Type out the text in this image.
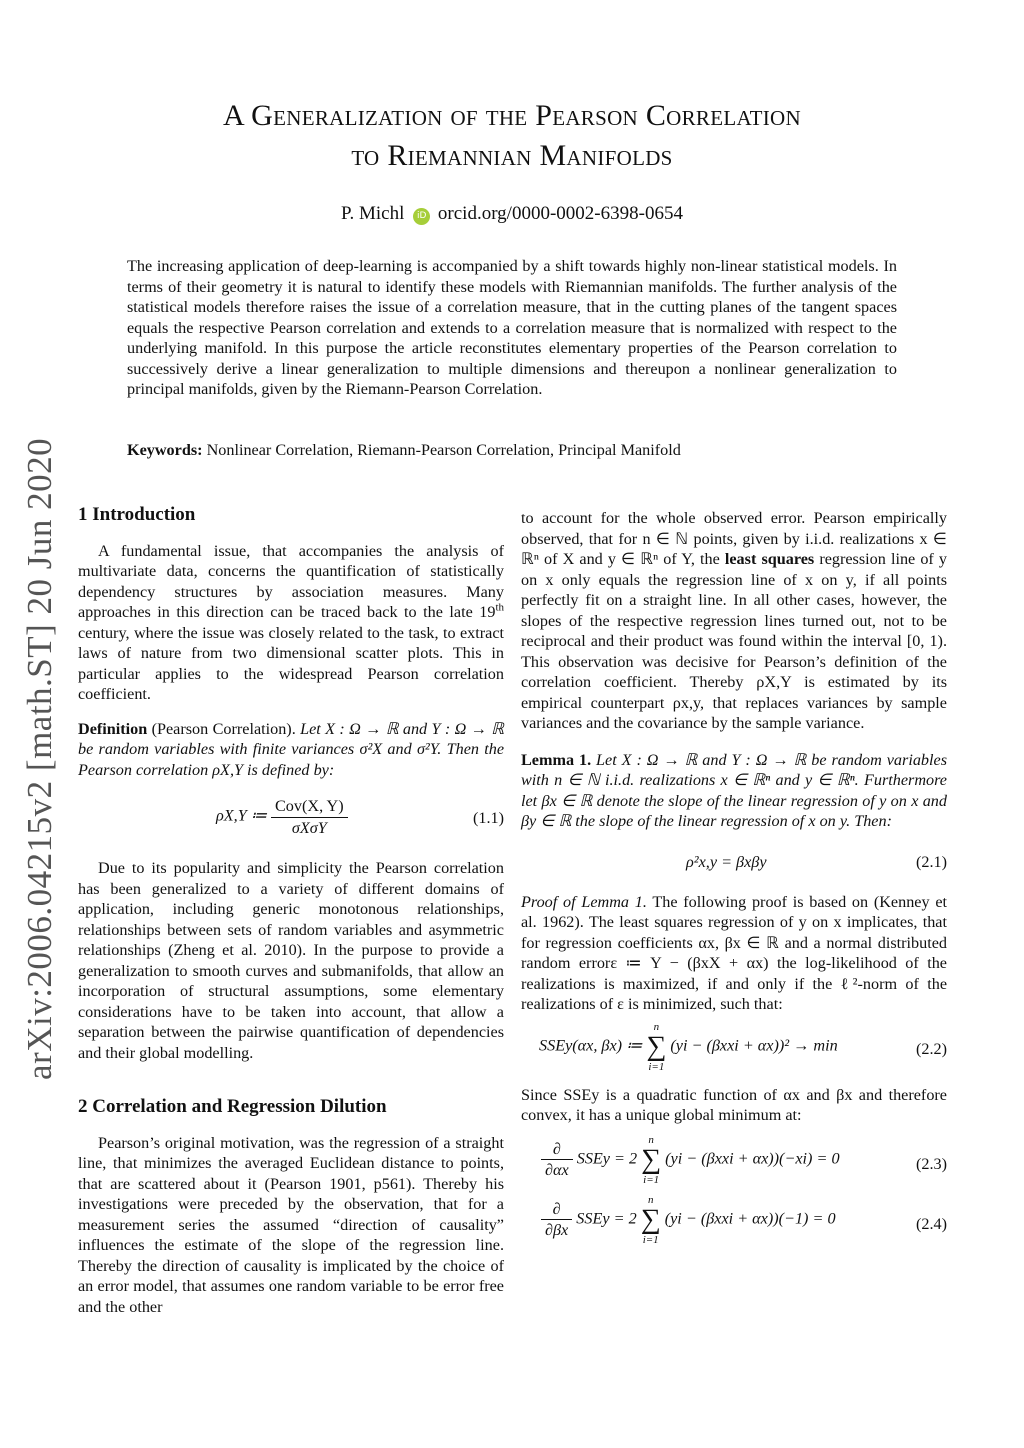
arXiv:2006.04215v2 [math.ST] 20 Jun 2020
A Generalization of the Pearson Correlation
to Riemannian Manifolds
P. Michl iD orcid.org/0000-0002-6398-0654

The increasing application of deep-learning is accompanied by a shift towards highly non-linear statistical models. In terms of their geometry it is natural to identify these models with Riemannian manifolds. The further analysis of the statistical models therefore raises the issue of a correlation measure, that in the cutting planes of the tangent spaces equals the respective Pearson correlation and extends to a correlation measure that is normalized with respect to the underlying manifold. In this purpose the article reconstitutes elementary properties of the Pearson correlation to successively derive a linear generalization to multiple dimensions and thereupon a nonlinear generalization to principal manifolds, given by the Riemann-Pearson Correlation.

Keywords: Nonlinear Correlation, Riemann-Pearson Correlation, Principal Manifold

1 Introduction

A fundamental issue, that accompanies the analysis of multivariate data, concerns the quantification of statistically dependency structures by association measures. Many approaches in this direction can be traced back to the late 19th century, where the issue was closely related to the task, to extract laws of nature from two dimensional scatter plots. This in particular applies to the widespread Pearson correlation coefficient.

Definition (Pearson Correlation). Let X : Ω → ℝ and Y : Ω → ℝ be random variables with finite variances σ²X and σ²Y. Then the Pearson correlation ρX,Y is defined by:

ρX,Y ≔ $\frac{\text{Cov(X, Y)}}{\text{σXσY}}$	(1.1)

Due to its popularity and simplicity the Pearson correlation has been generalized to a variety of different domains of application, including generic monotonous relationships, relationships between sets of random variables and asymmetric relationships (Zheng et al. 2010). In the purpose to provide a generalization to smooth curves and submanifolds, that allow an incorporation of structural assumptions, some elementary considerations have to be taken into account, that allow a separation between the pairwise quantification of dependencies and their global modelling.

2 Correlation and Regression Dilution

Pearson’s original motivation, was the regression of a straight line, that minimizes the averaged Euclidean distance to points, that are scattered about it (Pearson 1901, p561). Thereby his investigations were preceded by the observation, that for a measurement series the assumed “direction of causality” influences the estimate of the slope of the regression line. Thereby the direction of causality is implicated by the choice of an error model, that assumes one random variable to be error free and the other

to account for the whole observed error. Pearson empirically observed, that for n ∈ ℕ points, given by i.i.d. realizations x ∈ ℝⁿ of X and y ∈ ℝⁿ of Y, the least squares regression line of y on x only equals the regression line of x on y, if all points perfectly fit on a straight line. In all other cases, however, the slopes of the respective regression lines turned out, not to be reciprocal and their product was found within the interval [0, 1). This observation was decisive for Pearson’s definition of the correlation coefficient. Thereby ρX,Y is estimated by its empirical counterpart ρx,y, that replaces variances by sample variances and the covariance by the sample variance.

Lemma 1. Let X : Ω → ℝ and Y : Ω → ℝ be random variables with n ∈ ℕ i.i.d. realizations x ∈ ℝⁿ and y ∈ ℝⁿ. Furthermore let βx ∈ ℝ denote the slope of the linear regression of y on x and βy ∈ ℝ the slope of the linear regression of x on y. Then:

ρ²x,y = βxβy	(2.1)

Proof of Lemma 1. The following proof is based on (Kenney et al. 1962). The least squares regression of y on x implicates, that for regression coefficients αx, βx ∈ ℝ and a normal distributed random errorε ≔ Y − (βxX + αx) the log-likelihood of the realizations is maximized, if and only if the ℓ²-norm of the realizations of ε is minimized, such that:

SSEy(αx, βx) ≔
n
∑
i=1
(yi − (βxxi + αx))² → min	(2.2)

Since SSEy is a quadratic function of αx and βx and therefore convex, it has a unique global minimum at:

$\frac{\partial}{\partial\alpha x}$ SSEy = 2
n
∑
i=1
(yi − (βxxi + αx))(−xi) = 0	(2.3)
$\frac{\partial}{\partial\beta x}$ SSEy = 2
n
∑
i=1
(yi − (βxxi + αx))(−1) = 0	(2.4)
